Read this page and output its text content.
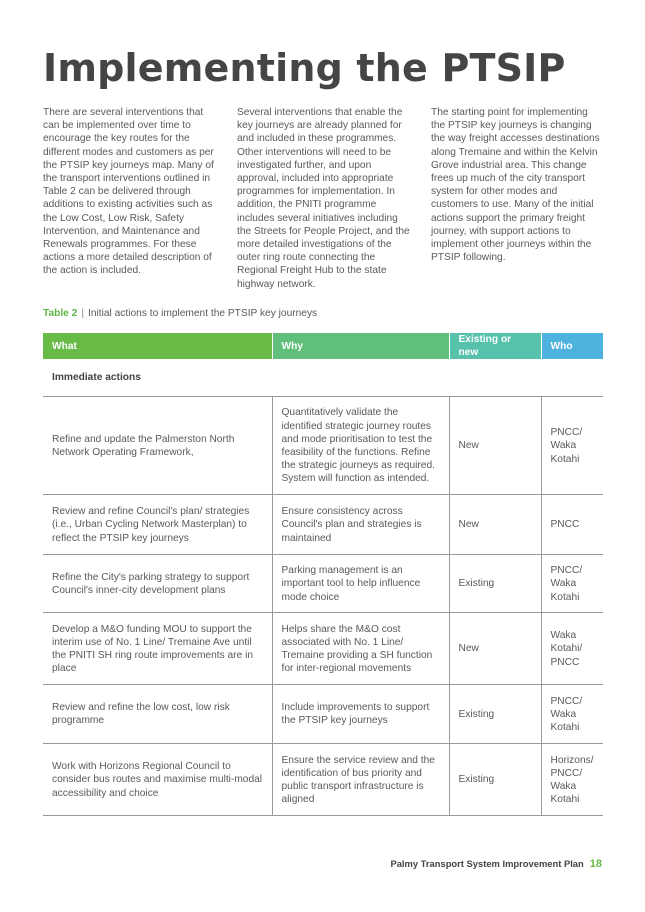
Implementing the PTSIP

There are several interventions that can be implemented over time to encourage the key routes for the different modes and customers as per the PTSIP key journeys map. Many of the transport interventions outlined in Table 2 can be delivered through additions to existing activities such as the Low Cost, Low Risk, Safety Intervention, and Maintenance and Renewals programmes. For these actions a more detailed description of the action is included.

Several interventions that enable the key journeys are already planned for and included in these programmes. Other interventions will need to be investigated further, and upon approval, included into appropriate programmes for implementation. In addition, the PNITI programme includes several initiatives including the Streets for People Project, and the more detailed investigations of the outer ring route connecting the Regional Freight Hub to the state highway network.

The starting point for implementing the PTSIP key journeys is changing the way freight accesses destinations along Tremaine and within the Kelvin Grove industrial area. This change frees up much of the city transport system for other modes and customers to use. Many of the initial actions support the primary freight journey, with support actions to implement other journeys within the PTSIP following.

Table 2 | Initial actions to implement the PTSIP key journeys
What	Why	Existing or new	Who
Immediate actions			
Refine and update the Palmerston North Network Operating Framework,	Quantitatively validate the identified strategic journey routes and mode prioritisation to test the feasibility of the functions. Refine the strategic journeys as required. System will function as intended.	New	PNCC/ Waka Kotahi
Review and refine Council's plan/ strategies (i.e., Urban Cycling Network Masterplan) to reflect the PTSIP key journeys	Ensure consistency across Council's plan and strategies is maintained	New	PNCC
Refine the City's parking strategy to support Council's inner-city development plans	Parking management is an important tool to help influence mode choice	Existing	PNCC/ Waka Kotahi
Develop a M&O funding MOU to support the interim use of No. 1 Line/ Tremaine Ave until the PNITI SH ring route improvements are in place	Helps share the M&O cost associated with No. 1 Line/ Tremaine providing a SH function for inter-regional movements	New	Waka Kotahi/ PNCC
Review and refine the low cost, low risk programme	Include improvements to support the PTSIP key journeys	Existing	PNCC/ Waka Kotahi
Work with Horizons Regional Council to consider bus routes and maximise multi-modal accessibility and choice	Ensure the service review and the identification of bus priority and public transport infrastructure is aligned	Existing	Horizons/ PNCC/ Waka Kotahi
Palmy Transport System Improvement Plan 18
